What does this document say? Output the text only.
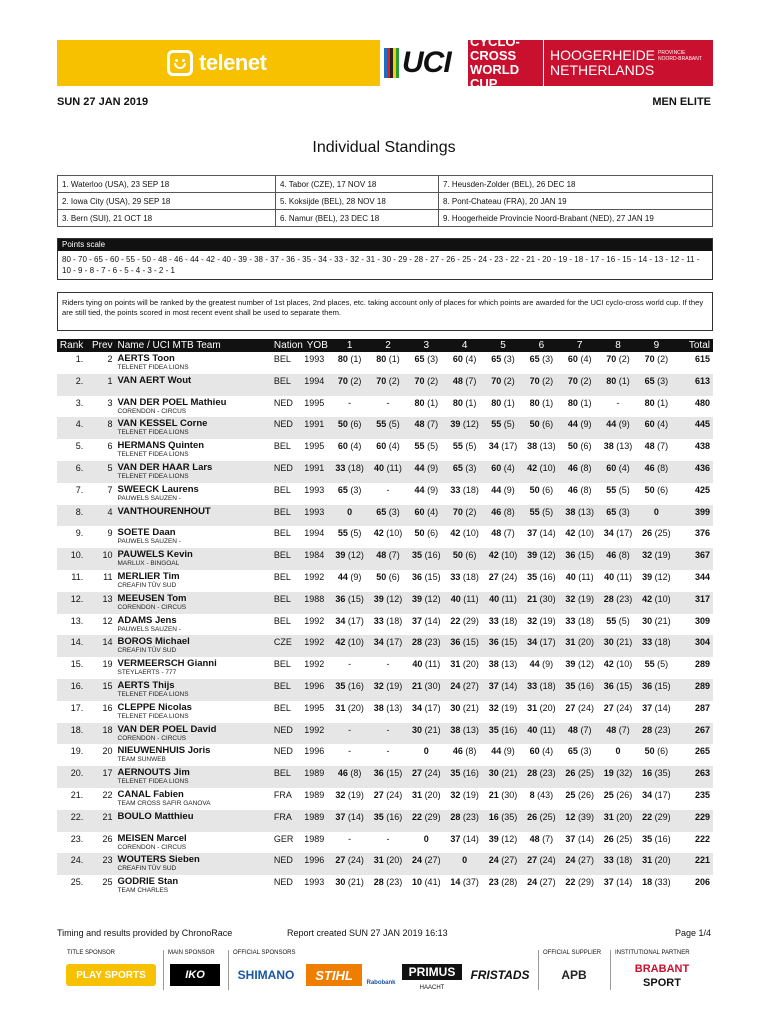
telenet	UCI
CYCLO-CROSS
WORLD CUP
HOOGERHEIDE
NETHERLANDS
PROVINCIE
NOORD-BRABANT
SUN 27 JAN 2019	MEN ELITE
Individual Standings
1. Waterloo (USA), 23 SEP 18	4. Tabor (CZE), 17 NOV 18	7. Heusden-Zolder (BEL), 26 DEC 18
2. Iowa City (USA), 29 SEP 18	5. Koksijde (BEL), 28 NOV 18	8. Pont-Chateau (FRA), 20 JAN 19
3. Bern (SUI), 21 OCT 18	6. Namur (BEL), 23 DEC 18	9. Hoogerheide Provincie Noord-Brabant (NED), 27 JAN 19
Points scale
80 - 70 - 65 - 60 - 55 - 50 - 48 - 46 - 44 - 42 - 40 - 39 - 38 - 37 - 36 - 35 - 34 - 33 - 32 - 31 - 30 - 29 - 28 - 27 - 26 - 25 - 24 - 23 - 22 - 21 - 20 - 19 - 18 - 17 - 16 - 15 - 14 - 13 - 12 - 11 - 10 - 9 - 8 - 7 - 6 - 5 - 4 - 3 - 2 - 1
Riders tying on points will be ranked by the greatest number of 1st places, 2nd places, etc. taking account only of places for which points are awarded for the UCI cyclo-cross world cup. If they are still tied, the points scored in most recent event shall be used to separate them.
Rank	Prev	Name / UCI MTB Team	Nation	YOB	1	2	3	4	5	6	7	8	9	Total
1.	2	AERTS Toon
TELENET FIDEA LIONS	BEL	1993	80 (1)	80 (1)	65 (3)	60 (4)	65 (3)	65 (3)	60 (4)	70 (2)	70 (2)	615
2.	1	VAN AERT Wout	BEL	1994	70 (2)	70 (2)	70 (2)	48 (7)	70 (2)	70 (2)	70 (2)	80 (1)	65 (3)	613
3.	3	VAN DER POEL Mathieu
CORENDON - CIRCUS	NED	1995	-	-	80 (1)	80 (1)	80 (1)	80 (1)	80 (1)	-	80 (1)	480
4.	8	VAN KESSEL Corne
TELENET FIDEA LIONS	NED	1991	50 (6)	55 (5)	48 (7)	39 (12)	55 (5)	50 (6)	44 (9)	44 (9)	60 (4)	445
5.	6	HERMANS Quinten
TELENET FIDEA LIONS	BEL	1995	60 (4)	60 (4)	55 (5)	55 (5)	34 (17)	38 (13)	50 (6)	38 (13)	48 (7)	438
6.	5	VAN DER HAAR Lars
TELENET FIDEA LIONS	NED	1991	33 (18)	40 (11)	44 (9)	65 (3)	60 (4)	42 (10)	46 (8)	60 (4)	46 (8)	436
7.	7	SWEECK Laurens
PAUWELS SAUZEN -	BEL	1993	65 (3)	-	44 (9)	33 (18)	44 (9)	50 (6)	46 (8)	55 (5)	50 (6)	425
8.	4	VANTHOURENHOUT	BEL	1993	0	65 (3)	60 (4)	70 (2)	46 (8)	55 (5)	38 (13)	65 (3)	0	399
9.	9	SOETE Daan
PAUWELS SAUZEN -	BEL	1994	55 (5)	42 (10)	50 (6)	42 (10)	48 (7)	37 (14)	42 (10)	34 (17)	26 (25)	376
10.	10	PAUWELS Kevin
MARLUX - BINGOAL	BEL	1984	39 (12)	48 (7)	35 (16)	50 (6)	42 (10)	39 (12)	36 (15)	46 (8)	32 (19)	367
11.	11	MERLIER Tim
CREAFIN TÜV SUD	BEL	1992	44 (9)	50 (6)	36 (15)	33 (18)	27 (24)	35 (16)	40 (11)	40 (11)	39 (12)	344
12.	13	MEEUSEN Tom
CORENDON - CIRCUS	BEL	1988	36 (15)	39 (12)	39 (12)	40 (11)	40 (11)	21 (30)	32 (19)	28 (23)	42 (10)	317
13.	12	ADAMS Jens
PAUWELS SAUZEN -	BEL	1992	34 (17)	33 (18)	37 (14)	22 (29)	33 (18)	32 (19)	33 (18)	55 (5)	30 (21)	309
14.	14	BOROS Michael
CREAFIN TÜV SUD	CZE	1992	42 (10)	34 (17)	28 (23)	36 (15)	36 (15)	34 (17)	31 (20)	30 (21)	33 (18)	304
15.	19	VERMEERSCH Gianni
STEYLAERTS - 777	BEL	1992	-	-	40 (11)	31 (20)	38 (13)	44 (9)	39 (12)	42 (10)	55 (5)	289
16.	15	AERTS Thijs
TELENET FIDEA LIONS	BEL	1996	35 (16)	32 (19)	21 (30)	24 (27)	37 (14)	33 (18)	35 (16)	36 (15)	36 (15)	289
17.	16	CLEPPE Nicolas
TELENET FIDEA LIONS	BEL	1995	31 (20)	38 (13)	34 (17)	30 (21)	32 (19)	31 (20)	27 (24)	27 (24)	37 (14)	287
18.	18	VAN DER POEL David
CORENDON - CIRCUS	NED	1992	-	-	30 (21)	38 (13)	35 (16)	40 (11)	48 (7)	48 (7)	28 (23)	267
19.	20	NIEUWENHUIS Joris
TEAM SUNWEB	NED	1996	-	-	0	46 (8)	44 (9)	60 (4)	65 (3)	0	50 (6)	265
20.	17	AERNOUTS Jim
TELENET FIDEA LIONS	BEL	1989	46 (8)	36 (15)	27 (24)	35 (16)	30 (21)	28 (23)	26 (25)	19 (32)	16 (35)	263
21.	22	CANAL Fabien
TEAM CROSS SAFIR GANOVA	FRA	1989	32 (19)	27 (24)	31 (20)	32 (19)	21 (30)	8 (43)	25 (26)	25 (26)	34 (17)	235
22.	21	BOULO Matthieu	FRA	1989	37 (14)	35 (16)	22 (29)	28 (23)	16 (35)	26 (25)	12 (39)	31 (20)	22 (29)	229
23.	26	MEISEN Marcel
CORENDON - CIRCUS	GER	1989	-	-	0	37 (14)	39 (12)	48 (7)	37 (14)	26 (25)	35 (16)	222
24.	23	WOUTERS Sieben
CREAFIN TÜV SUD	NED	1996	27 (24)	31 (20)	24 (27)	0	24 (27)	27 (24)	24 (27)	33 (18)	31 (20)	221
25.	25	GODRIE Stan
TEAM CHARLES	NED	1993	30 (21)	28 (23)	10 (41)	14 (37)	23 (28)	24 (27)	22 (29)	37 (14)	18 (33)	206
Timing and results provided by ChronoRace	Report created SUN 27 JAN 2019 16:13	Page 1/4
TITLE SPONSOR	MAIN SPONSOR	OFFICIAL SPONSORS	OFFICIAL SUPPLIER INSTITUTIONAL PARTNER
PLAY SPORTS	IKO	SHIMANO	STIHL
Rabobank
PRIMUS
HAACHT
FRISTADS	APB	BRABANT
SPORT
